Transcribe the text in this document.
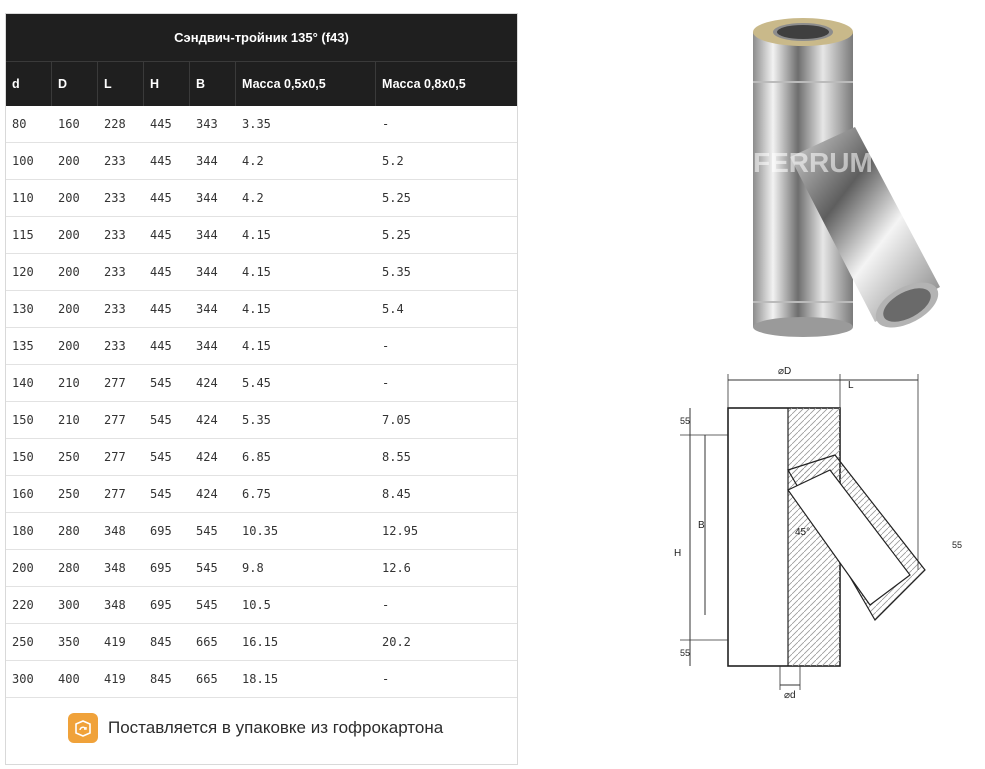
Сэндвич-тройник 135° (f43)
d	D	L	H	B	Масса 0,5х0,5	Масса 0,8х0,5
80	160	228	445	343	3.35	-
100	200	233	445	344	4.2	5.2
110	200	233	445	344	4.2	5.25
115	200	233	445	344	4.15	5.25
120	200	233	445	344	4.15	5.35
130	200	233	445	344	4.15	5.4
135	200	233	445	344	4.15	-
140	210	277	545	424	5.45	-
150	210	277	545	424	5.35	7.05
150	250	277	545	424	6.85	8.55
160	250	277	545	424	6.75	8.45
180	280	348	695	545	10.35	12.95
200	280	348	695	545	9.8	12.6
220	300	348	695	545	10.5	-
250	350	419	845	665	16.15	20.2
300	400	419	845	665	18.15	-
Поставляется в упаковке из гофрокартона
FERRUM
⌀D
L
H
B
55
55
55
45°
⌀d
